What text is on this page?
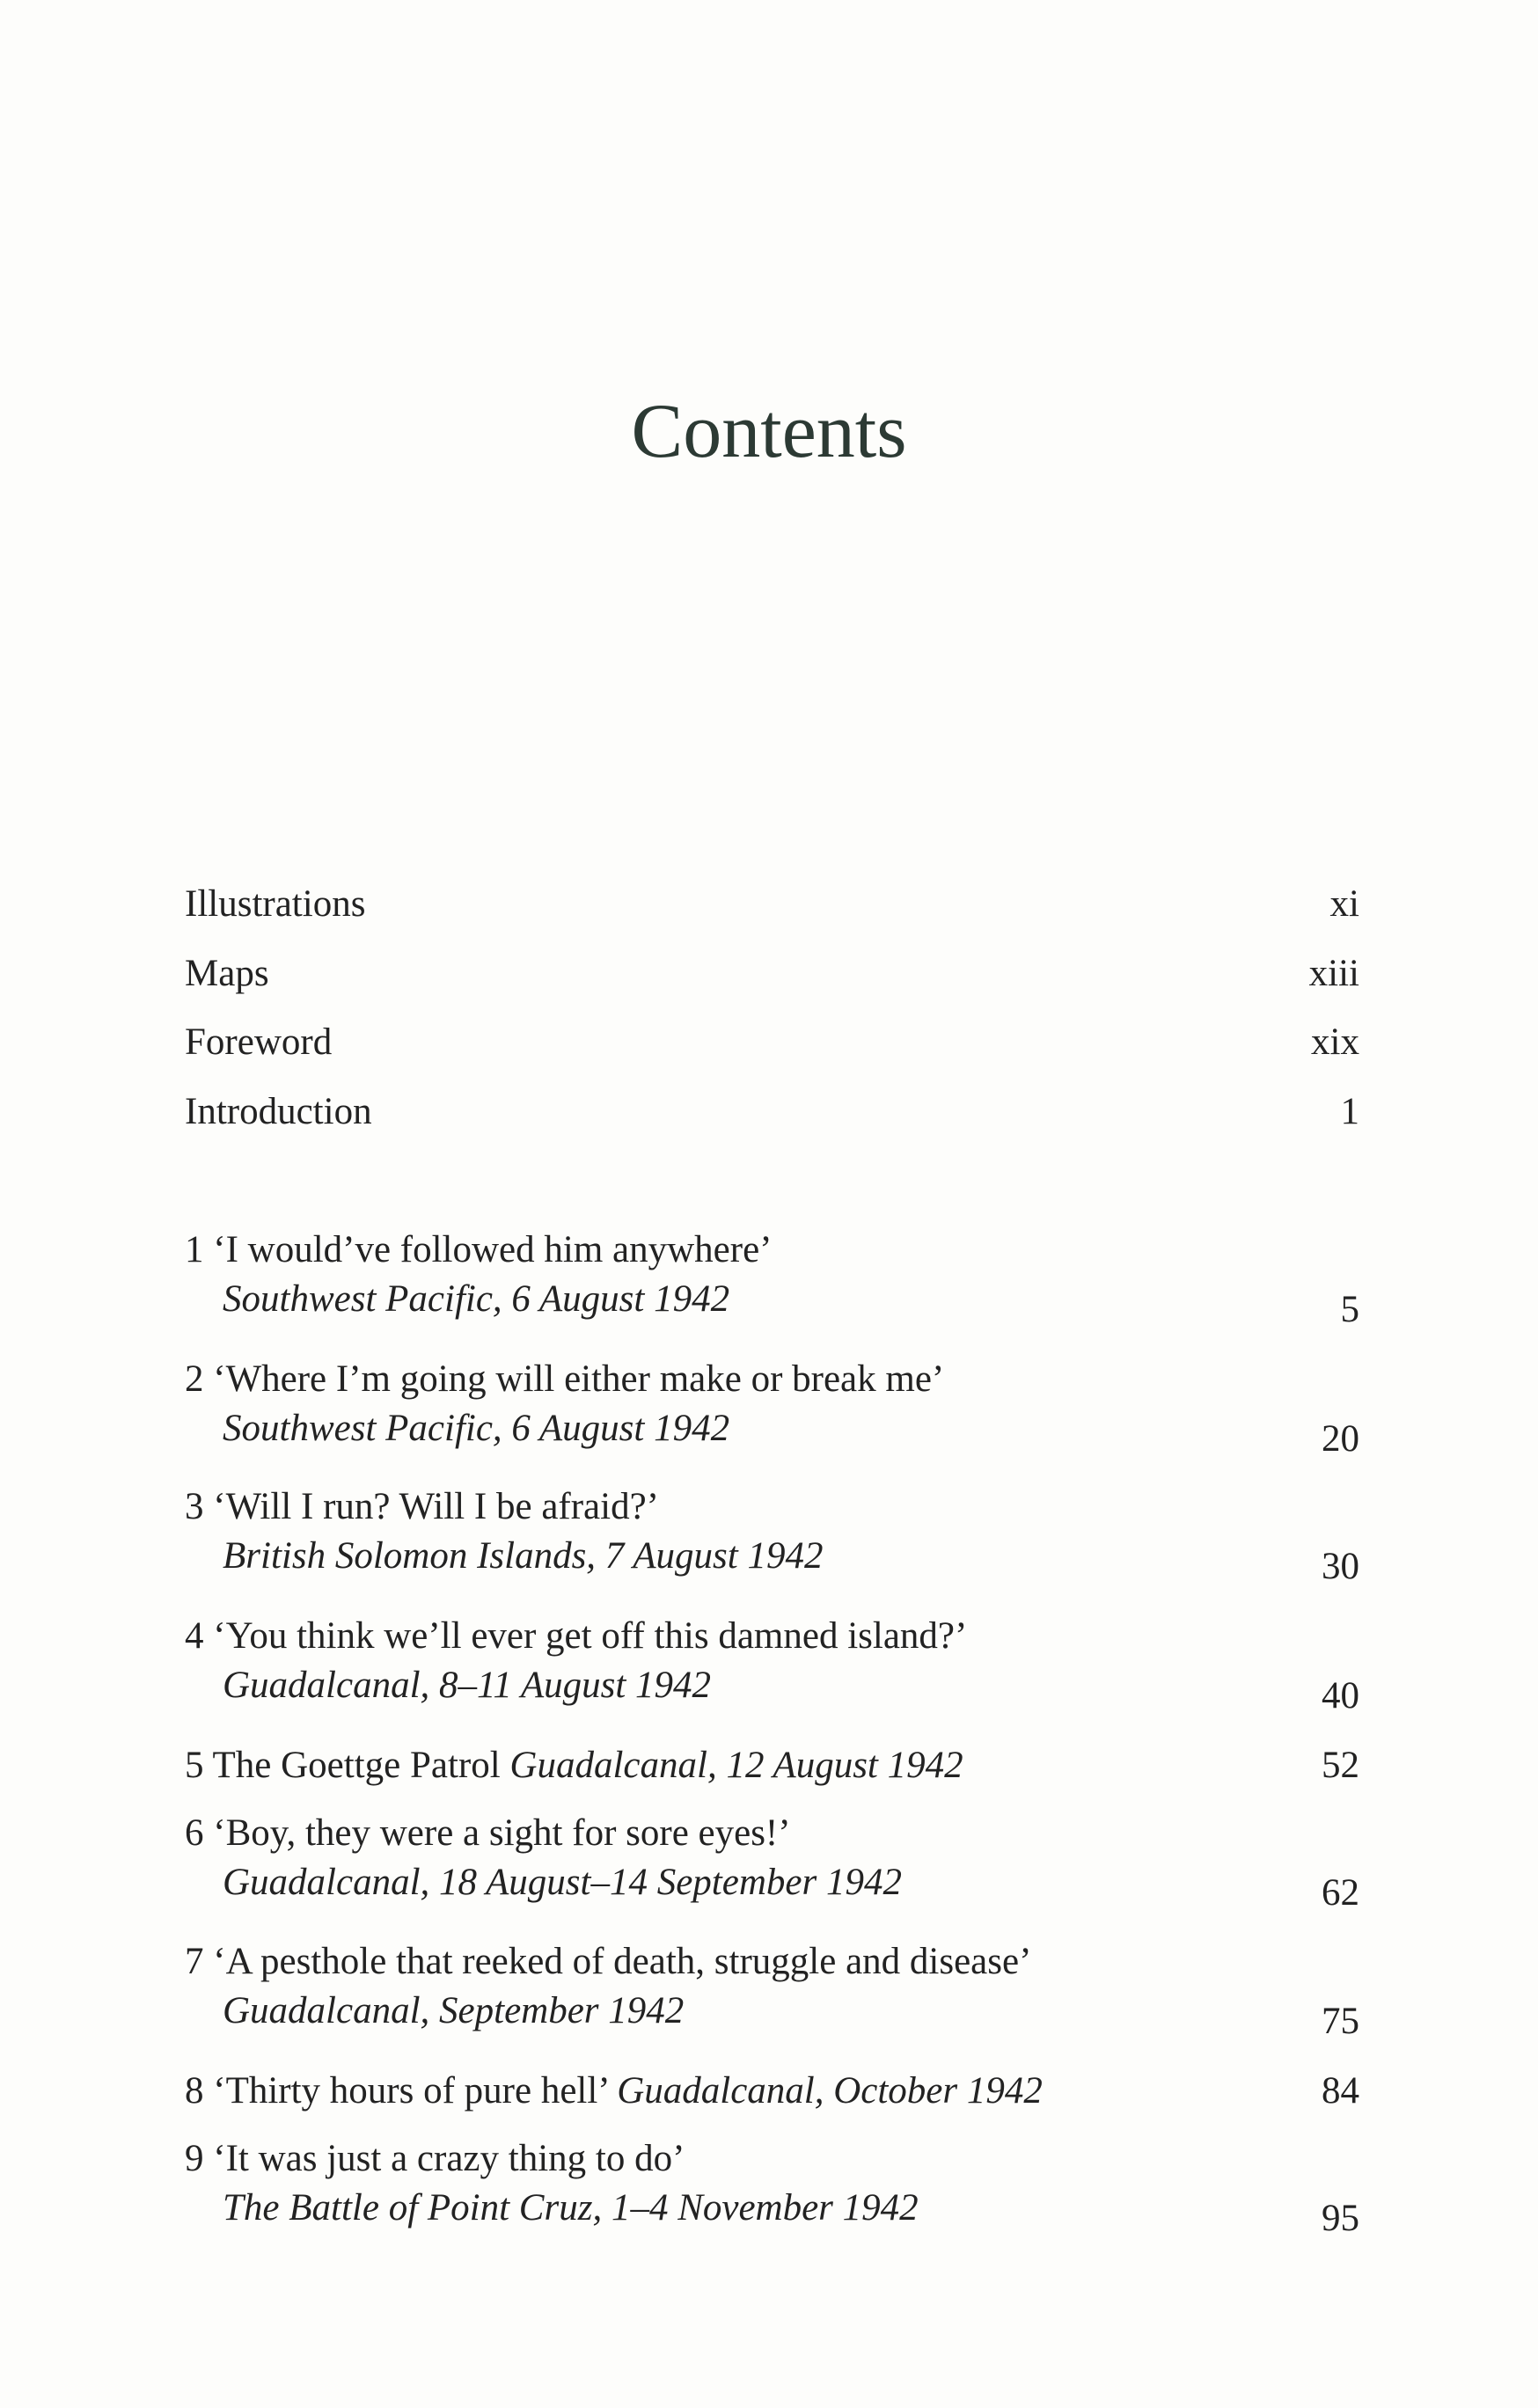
Contents
Illustrations	xi
Maps	xiii
Foreword	xix
Introduction	1
1 ‘I would’ve followed him anywhere’
Southwest Pacific, 6 August 1942	5
2 ‘Where I’m going will either make or break me’
Southwest Pacific, 6 August 1942	20
3 ‘Will I run? Will I be afraid?’
British Solomon Islands, 7 August 1942	30
4 ‘You think we’ll ever get off this damned island?’
Guadalcanal, 8–11 August 1942	40
5 The Goettge Patrol Guadalcanal, 12 August 1942	52
6 ‘Boy, they were a sight for sore eyes!’
Guadalcanal, 18 August–14 September 1942	62
7 ‘A pesthole that reeked of death, struggle and disease’
Guadalcanal, September 1942	75
8 ‘Thirty hours of pure hell’ Guadalcanal, October 1942	84
9 ‘It was just a crazy thing to do’
The Battle of Point Cruz, 1–4 November 1942	95
